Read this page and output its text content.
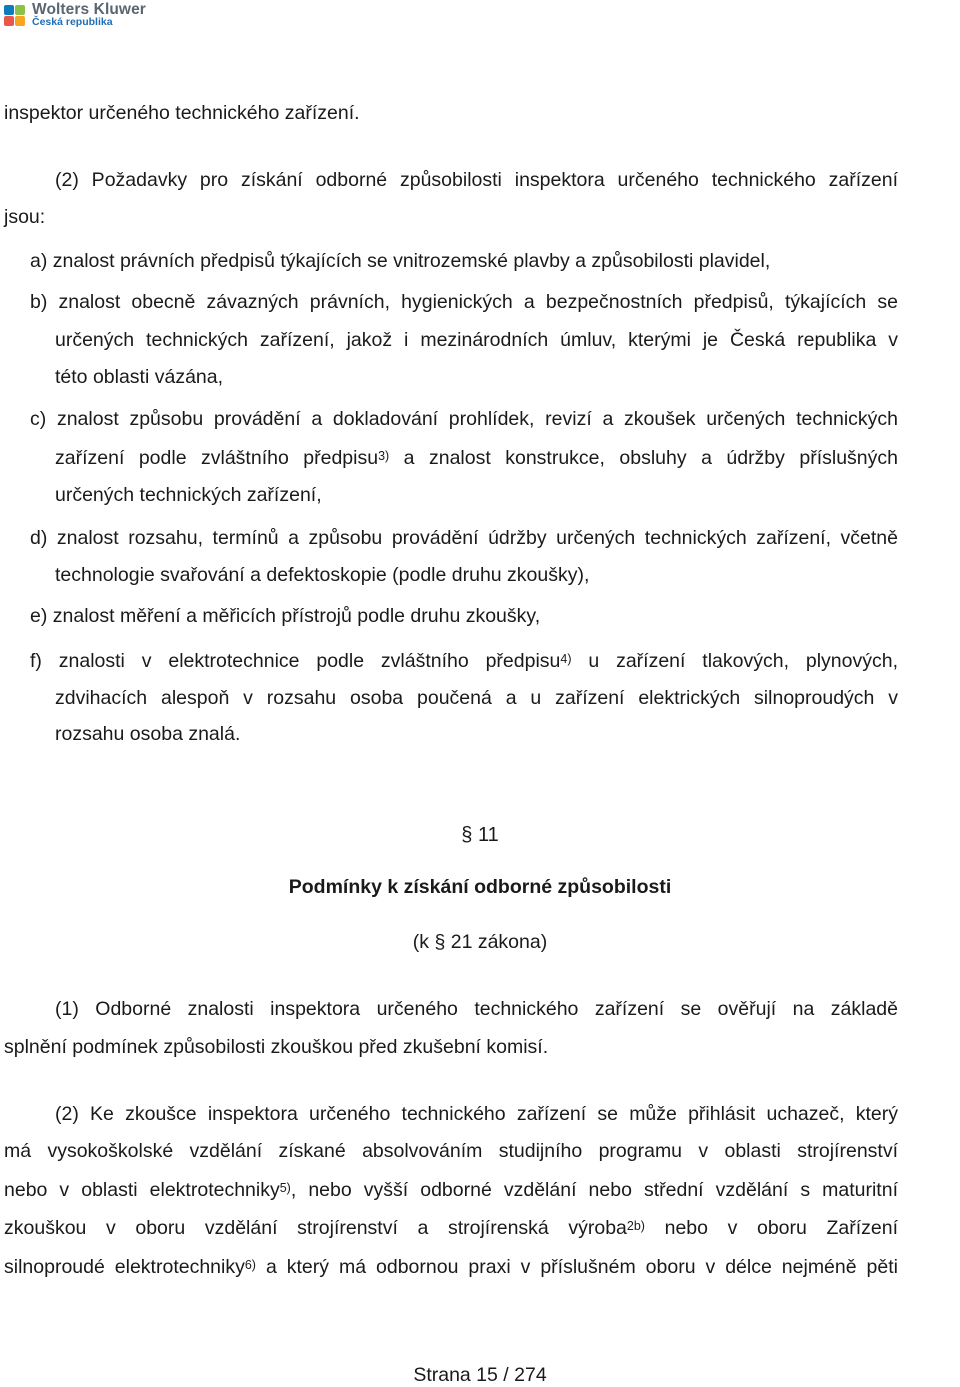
Wolters Kluwer
Česká republika
inspektor určeného technického zařízení.
(2) Požadavky pro získání odborné způsobilosti inspektora určeného technického zařízení
jsou:
a) znalost právních předpisů týkajících se vnitrozemské plavby a způsobilosti plavidel,
b) znalost obecně závazných právních, hygienických a bezpečnostních předpisů, týkajících se
určených technických zařízení, jakož i mezinárodních úmluv, kterými je Česká republika v
této oblasti vázána,
c) znalost způsobu provádění a dokladování prohlídek, revizí a zkoušek určených technických
zařízení podle zvláštního předpisu$^{3)}$ a znalost konstrukce, obsluhy a údržby příslušných
určených technických zařízení,
d) znalost rozsahu, termínů a způsobu provádění údržby určených technických zařízení, včetně
technologie svařování a defektoskopie (podle druhu zkoušky),
e) znalost měření a měřicích přístrojů podle druhu zkoušky,
f) znalosti v elektrotechnice podle zvláštního předpisu$^{4)}$ u zařízení tlakových, plynových,
zdvihacích alespoň v rozsahu osoba poučená a u zařízení elektrických silnoproudých v
rozsahu osoba znalá.
§ 11
Podmínky k získání odborné způsobilosti
(k § 21 zákona)
(1) Odborné znalosti inspektora určeného technického zařízení se ověřují na základě
splnění podmínek způsobilosti zkouškou před zkušební komisí.
(2) Ke zkoušce inspektora určeného technického zařízení se může přihlásit uchazeč, který
má vysokoškolské vzdělání získané absolvováním studijního programu v oblasti strojírenství
nebo v oblasti elektrotechniky$^{5)}$, nebo vyšší odborné vzdělání nebo střední vzdělání s maturitní
zkouškou v oboru vzdělání strojírenství a strojírenská výroba$^{2b)}$ nebo v oboru Zařízení
silnoproudé elektrotechniky$^{6)}$ a který má odbornou praxi v příslušném oboru v délce nejméně pěti
Strana 15 / 274
